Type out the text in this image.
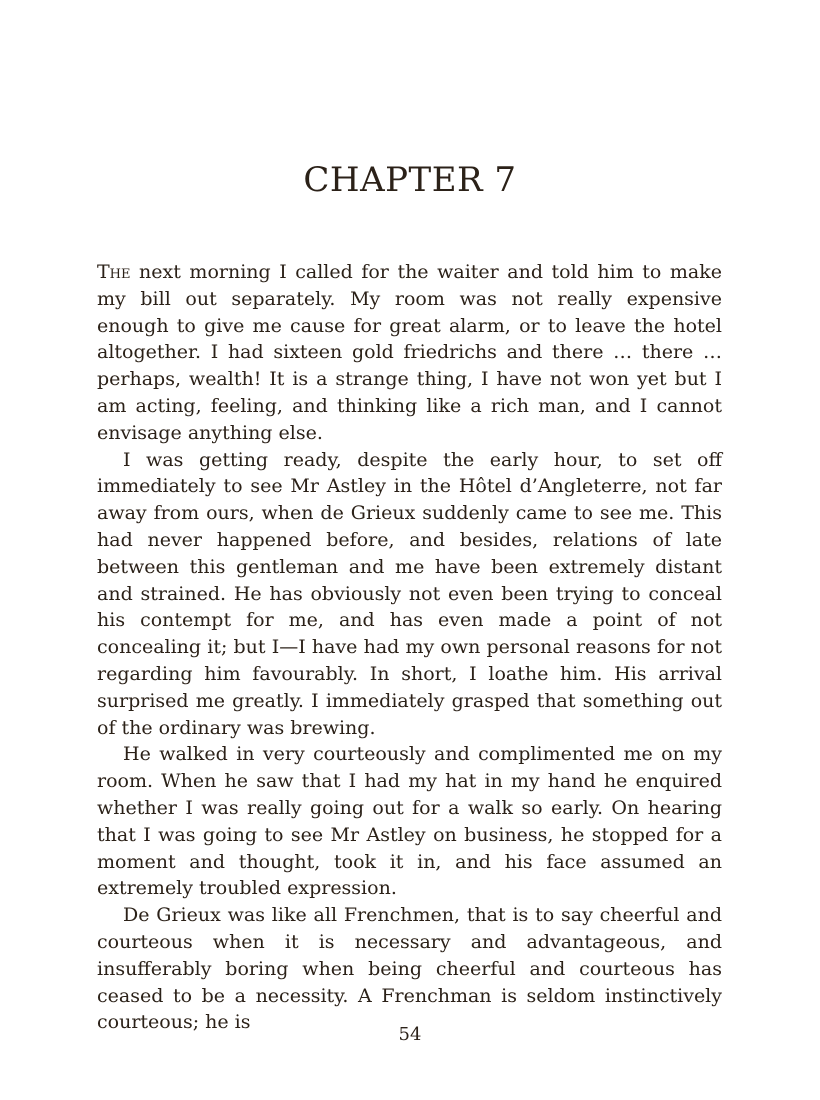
CHAPTER 7

The next morning I called for the waiter and told him to make my bill out separately. My room was not really expensive enough to give me cause for great alarm, or to leave the hotel altogether. I had sixteen gold friedrichs and there … there … perhaps, wealth! It is a strange thing, I have not won yet but I am acting, feeling, and thinking like a rich man, and I cannot envisage anything else.

I was getting ready, despite the early hour, to set off immediately to see Mr Astley in the Hôtel d’Angleterre, not far away from ours, when de Grieux suddenly came to see me. This had never happened before, and besides, relations of late between this gentleman and me have been extremely distant and strained. He has obviously not even been trying to conceal his contempt for me, and has even made a point of not concealing it; but I—I have had my own personal reasons for not regarding him favourably. In short, I loathe him. His arrival surprised me greatly. I immediately grasped that something out of the ordinary was brewing.

He walked in very courteously and complimented me on my room. When he saw that I had my hat in my hand he enquired whether I was really going out for a walk so early. On hearing that I was going to see Mr Astley on business, he stopped for a moment and thought, took it in, and his face assumed an extremely troubled expression.

De Grieux was like all Frenchmen, that is to say cheerful and courteous when it is necessary and advantageous, and insufferably boring when being cheerful and courteous has ceased to be a necessity. A Frenchman is seldom instinctively courteous; he is

54
